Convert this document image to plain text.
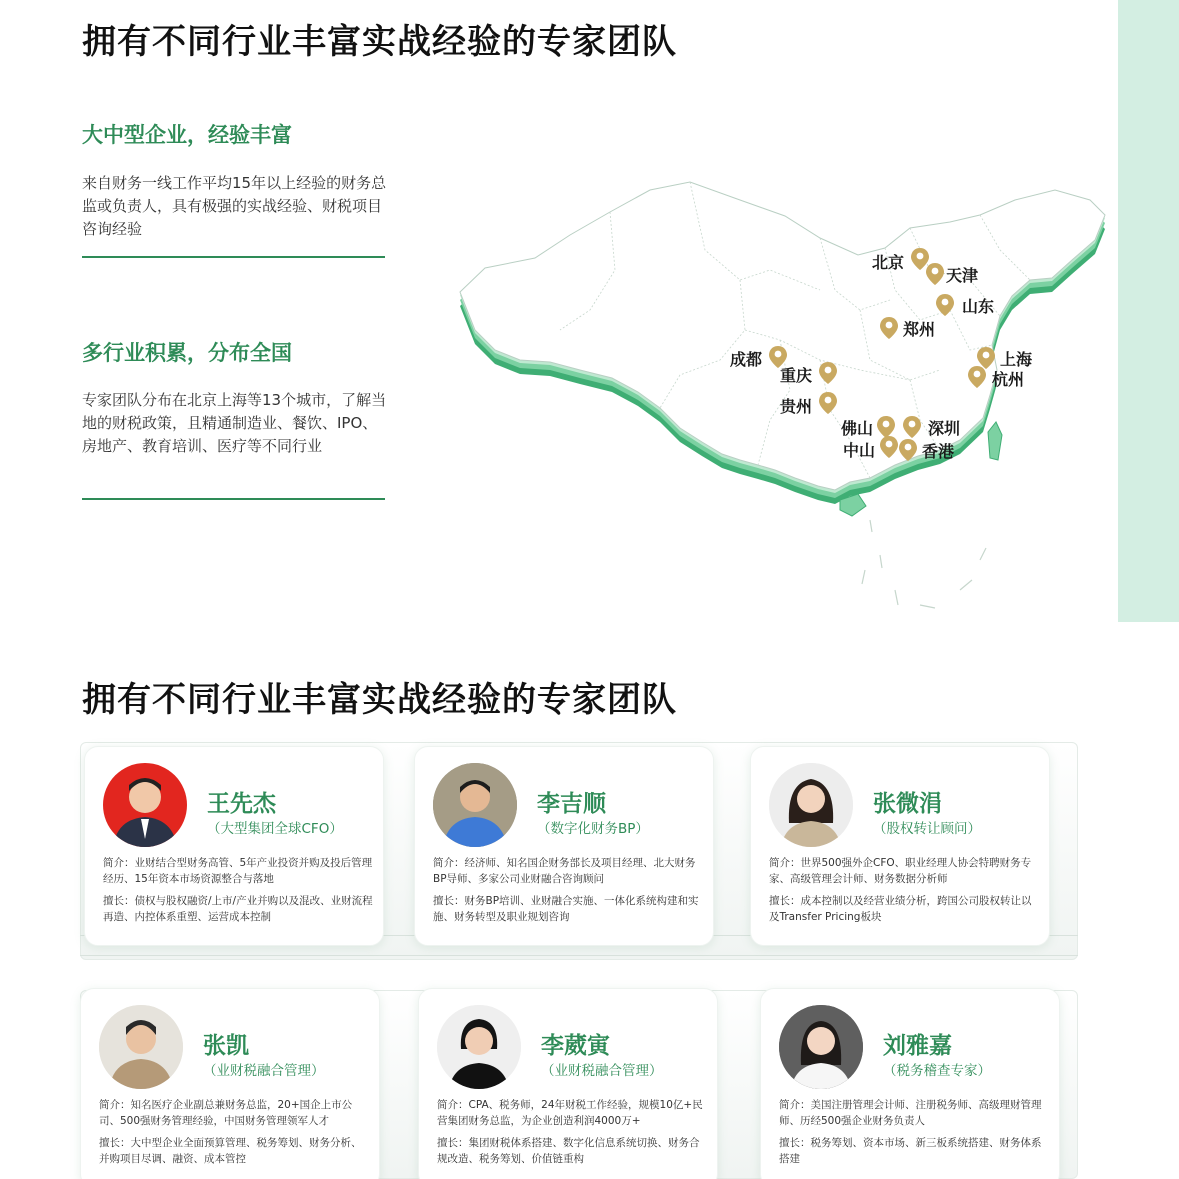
拥有不同行业丰富实战经验的专家团队
大中型企业，经验丰富

来自财务一线工作平均15年以上经验的财务总监或负责人，具有极强的实战经验、财税项目咨询经验

多行业积累，分布全国

专家团队分布在北京上海等13个城市，了解当地的财税政策，且精通制造业、餐饮、IPO、房地产、教育培训、医疗等不同行业

北京
天津
山东
郑州
成都
重庆
贵州
上海
杭州
佛山	深圳
中山	香港
拥有不同行业丰富实战经验的专家团队
王先杰
（大型集团全球CFO）
简介：业财结合型财务高管、5年产业投资并购及投后管理经历、15年资本市场资源整合与落地
擅长：债权与股权融资/上市/产业并购以及混改、业财流程再造、内控体系重塑、运营成本控制
李吉顺
（数字化财务BP）
简介：经济师、知名国企财务部长及项目经理、北大财务BP导师、多家公司业财融合咨询顾问
擅长：财务BP培训、业财融合实施、一体化系统构建和实施、财务转型及职业规划咨询
张微涓
（股权转让顾问）
简介：世界500强外企CFO、职业经理人协会特聘财务专家、高级管理会计师、财务数据分析师
擅长：成本控制以及经营业绩分析，跨国公司股权转让以及Transfer Pricing板块
张凯
（业财税融合管理）
简介：知名医疗企业副总兼财务总监，20+国企上市公司、500强财务管理经验，中国财务管理领军人才
擅长：大中型企业全面预算管理、税务筹划、财务分析、并购项目尽调、融资、成本管控
李葳寅
（业财税融合管理）
简介：CPA、税务师，24年财税工作经验，规模10亿+民营集团财务总监，为企业创造利润4000万+
擅长：集团财税体系搭建、数字化信息系统切换、财务合规改造、税务筹划、价值链重构
刘雅嘉
（税务稽查专家）
简介：美国注册管理会计师、注册税务师、高级理财管理师、历经500强企业财务负责人
擅长：税务筹划、资本市场、新三板系统搭建、财务体系搭建
